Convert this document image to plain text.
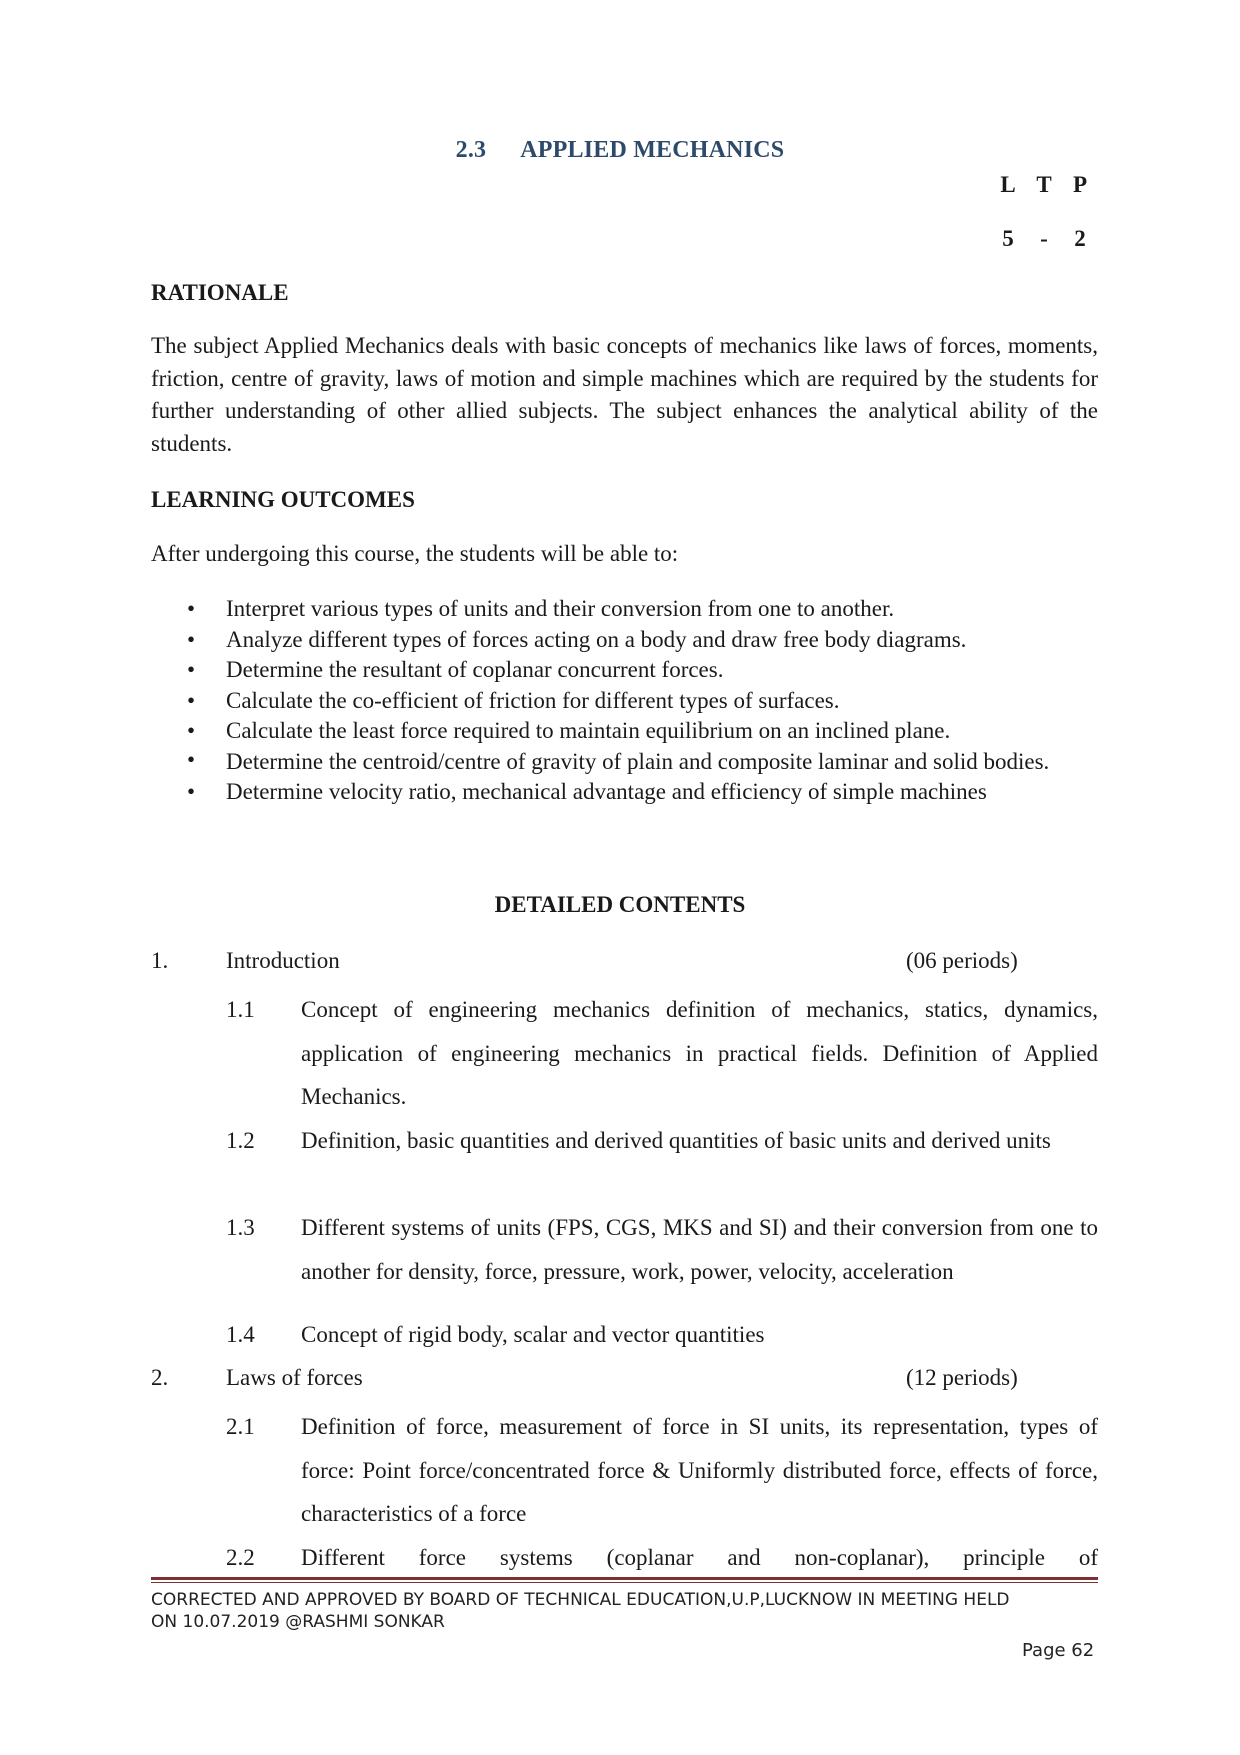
2.3 APPLIED MECHANICS
L T P
5 - 2
RATIONALE

The subject Applied Mechanics deals with basic concepts of mechanics like laws of forces, moments, friction, centre of gravity, laws of motion and simple machines which are required by the students for further understanding of other allied subjects. The subject enhances the analytical ability of the students.

LEARNING OUTCOMES

After undergoing this course, the students will be able to:

• Interpret various types of units and their conversion from one to another.
• Analyze different types of forces acting on a body and draw free body diagrams.
• Determine the resultant of coplanar concurrent forces.
• Calculate the co-efficient of friction for different types of surfaces.
• Calculate the least force required to maintain equilibrium on an inclined plane.
• Determine the centroid/centre of gravity of plain and composite laminar and solid bodies.
• Determine velocity ratio, mechanical advantage and efficiency of simple machines
DETAILED CONTENTS
1.	Introduction	(06 periods)
1.1 Concept of engineering mechanics definition of mechanics, statics, dynamics, application of engineering mechanics in practical fields. Definition of Applied Mechanics.
1.2 Definition, basic quantities and derived quantities of basic units and derived units
1.3 Different systems of units (FPS, CGS, MKS and SI) and their conversion from one to another for density, force, pressure, work, power, velocity, acceleration
1.4 Concept of rigid body, scalar and vector quantities
2.	Laws of forces	(12 periods)
2.1 Definition of force, measurement of force in SI units, its representation, types of force: Point force/concentrated force & Uniformly distributed force, effects of force, characteristics of a force
2.2 Different force systems (coplanar and non-coplanar), principle of
CORRECTED AND APPROVED BY BOARD OF TECHNICAL EDUCATION,U.P,LUCKNOW IN MEETING HELD
ON 10.07.2019 @RASHMI SONKAR
Page 62
